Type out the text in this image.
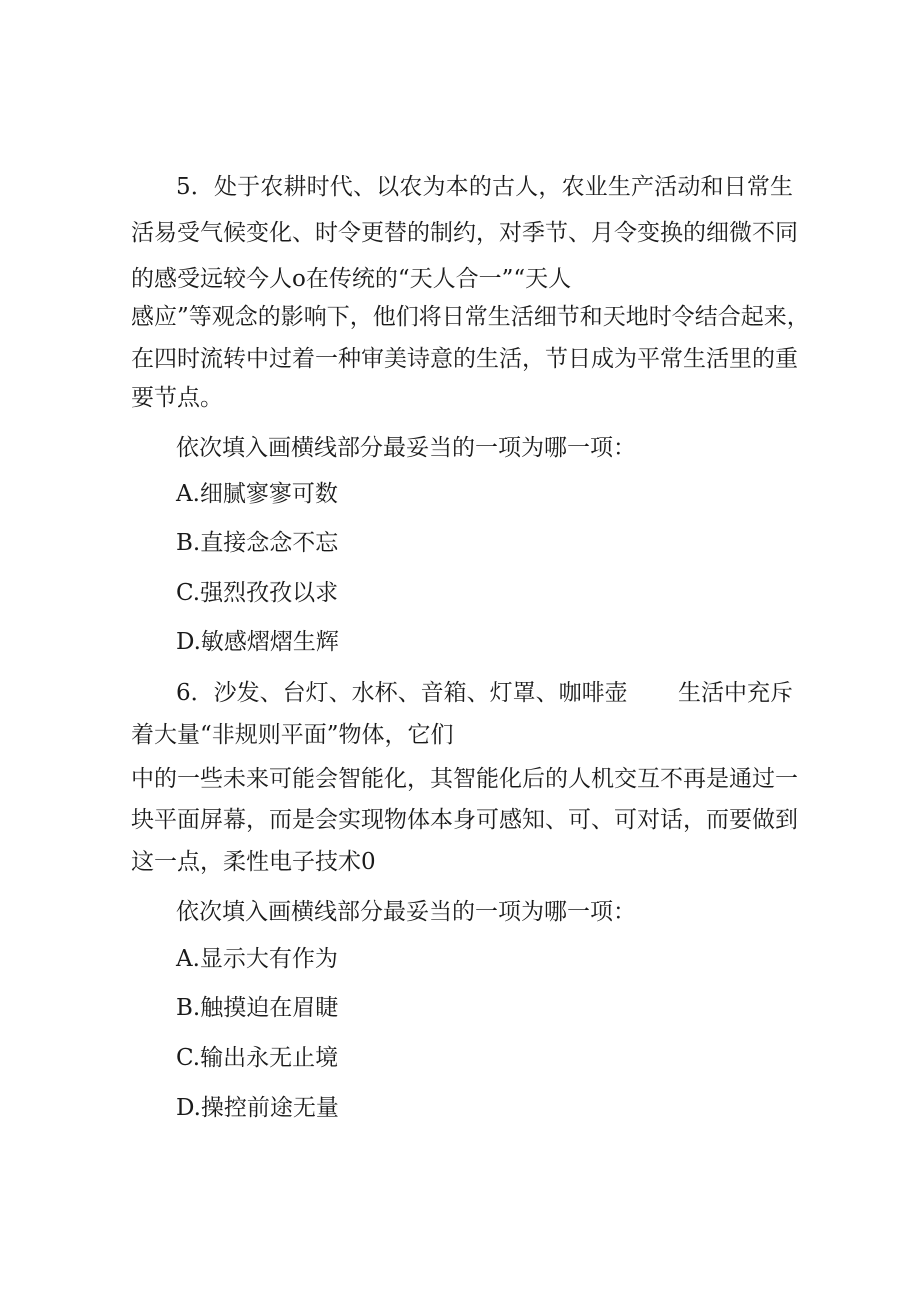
5．处于农耕时代、以农为本的古人，农业生产活动和日常生
活易受气候变化、时令更替的制约，对季节、月令变换的细微不同
的感受远较今人o在传统的“天人合一”“天人
感应”等观念的影响下，他们将日常生活细节和天地时令结合起来，
在四时流转中过着一种审美诗意的生活，节日成为平常生活里的重
要节点。
依次填入画横线部分最妥当的一项为哪一项：
A.细腻寥寥可数
B.直接念念不忘
C.强烈孜孜以求
D.敏感熠熠生辉
6．沙发、台灯、水杯、音箱、灯罩、咖啡壶 生活中充斥
着大量“非规则平面”物体，它们
中的一些未来可能会智能化，其智能化后的人机交互不再是通过一
块平面屏幕，而是会实现物体本身可感知、可、可对话，而要做到
这一点，柔性电子技术0
依次填入画横线部分最妥当的一项为哪一项：
A.显示大有作为
B.触摸迫在眉睫
C.输出永无止境
D.操控前途无量
